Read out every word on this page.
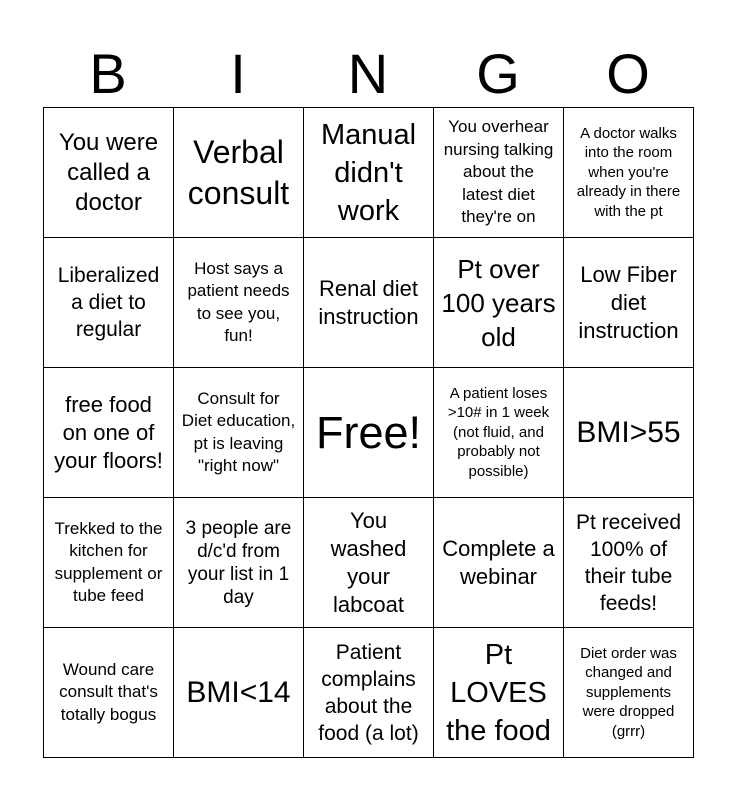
B	I	N	G	O
You were called a doctor
Verbal consult
Manual didn't work
You overhear nursing talking about the latest diet they're on
A doctor walks into the room when you're already in there with the pt
Liberalized a diet to regular
Host says a patient needs to see you, fun!
Renal diet instruction
Pt over 100 years old
Low Fiber diet instruction
free food on one of your floors!
Consult for Diet education, pt is leaving "right now"
Free!
A patient loses >10# in 1 week (not fluid, and probably not possible)
BMI>55
Trekked to the kitchen for supplement or tube feed
3 people are d/c'd from your list in 1 day
You washed your labcoat
Complete a webinar
Pt received 100% of their tube feeds!
Wound care consult that's totally bogus
BMI<14
Patient complains about the food (a lot)
Pt LOVES the food
Diet order was changed and supplements were dropped (grrr)
